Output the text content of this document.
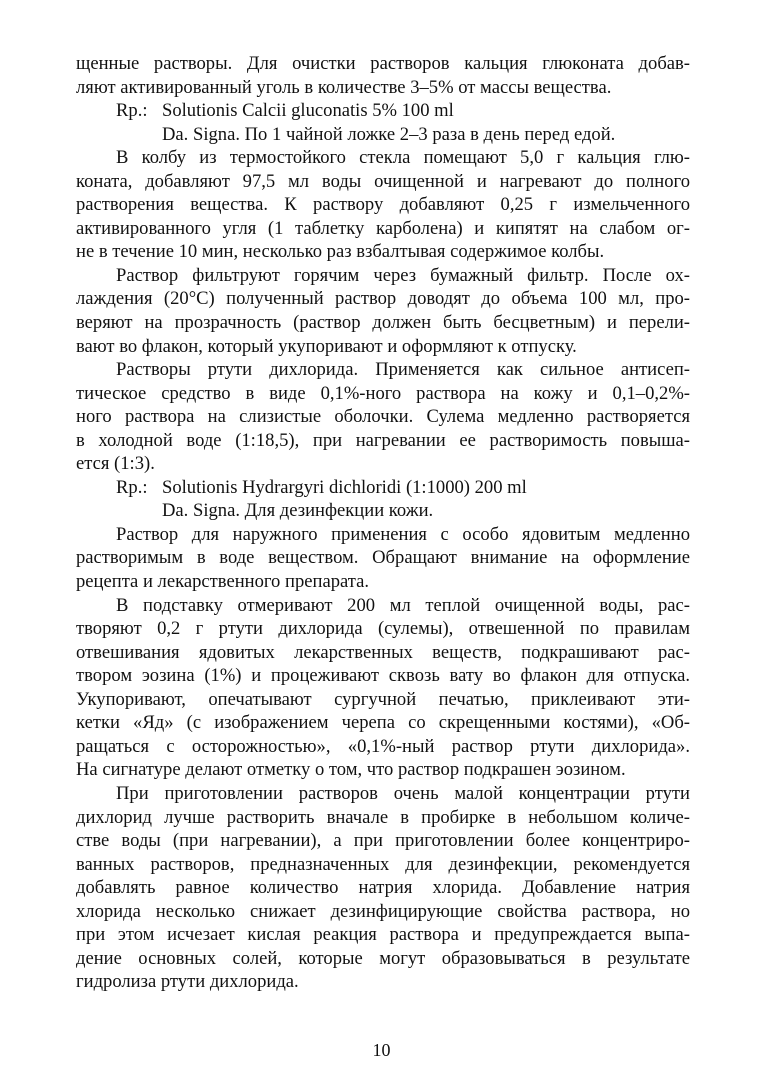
щенные растворы. Для очистки растворов кальция глюконата добав-
ляют активированный уголь в количестве 3–5% от массы вещества.
Rp.: Solutionis Calcii gluconatis 5% 100 ml
Da. Signa. По 1 чайной ложке 2–3 раза в день перед едой.
В колбу из термостойкого стекла помещают 5,0 г кальция глю-
коната, добавляют 97,5 мл воды очищенной и нагревают до полного
растворения вещества. К раствору добавляют 0,25 г измельченного
активированного угля (1 таблетку карболена) и кипятят на слабом ог-
не в течение 10 мин, несколько раз взбалтывая содержимое колбы.
Раствор фильтруют горячим через бумажный фильтр. После ох-
лаждения (20°С) полученный раствор доводят до объема 100 мл, про-
веряют на прозрачность (раствор должен быть бесцветным) и перели-
вают во флакон, который укупоривают и оформляют к отпуску.
Растворы ртути дихлорида. Применяется как сильное антисеп-
тическое средство в виде 0,1%-ного раствора на кожу и 0,1–0,2%-
ного раствора на слизистые оболочки. Сулема медленно растворяется
в холодной воде (1:18,5), при нагревании ее растворимость повыша-
ется (1:3).
Rp.: Solutionis Hydrargyri dichloridi (1:1000) 200 ml
Da. Signa. Для дезинфекции кожи.
Раствор для наружного применения с особо ядовитым медленно
растворимым в воде веществом. Обращают внимание на оформление
рецепта и лекарственного препарата.
В подставку отмеривают 200 мл теплой очищенной воды, рас-
творяют 0,2 г ртути дихлорида (сулемы), отвешенной по правилам
отвешивания ядовитых лекарственных веществ, подкрашивают рас-
твором эозина (1%) и процеживают сквозь вату во флакон для отпуска.
Укупоривают, опечатывают сургучной печатью, приклеивают эти-
кетки «Яд» (с изображением черепа со скрещенными костями), «Об-
ращаться с осторожностью», «0,1%-ный раствор ртути дихлорида».
На сигнатуре делают отметку о том, что раствор подкрашен эозином.
При приготовлении растворов очень малой концентрации ртути
дихлорид лучше растворить вначале в пробирке в небольшом количе-
стве воды (при нагревании), а при приготовлении более концентриро-
ванных растворов, предназначенных для дезинфекции, рекомендуется
добавлять равное количество натрия хлорида. Добавление натрия
хлорида несколько снижает дезинфицирующие свойства раствора, но
при этом исчезает кислая реакция раствора и предупреждается выпа-
дение основных солей, которые могут образовываться в результате
гидролиза ртути дихлорида.
10
